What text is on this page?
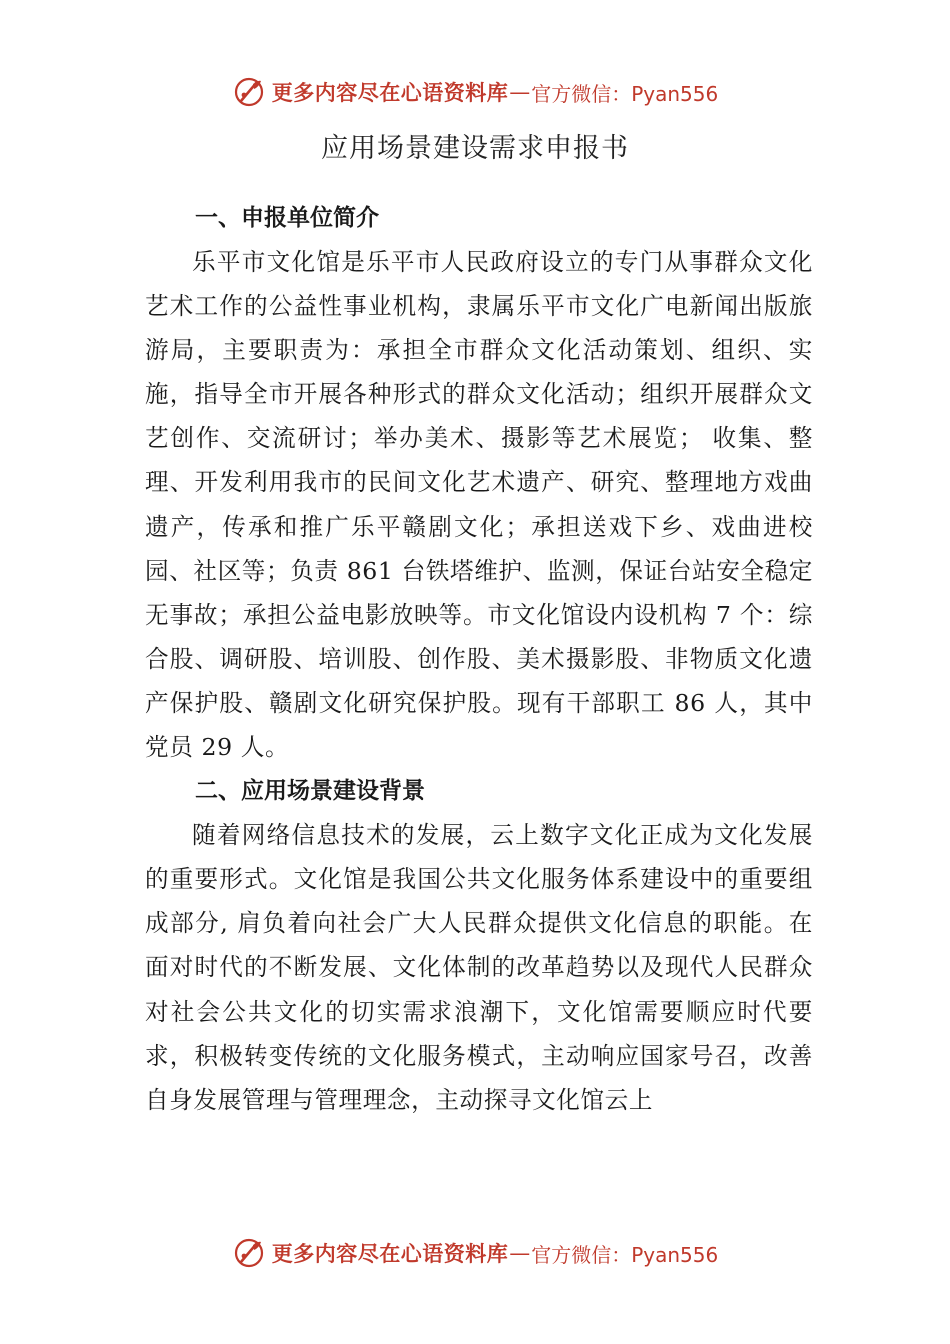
更多内容尽在心语资料库 — 官方微信：Pyan556
应用场景建设需求申报书
一、申报单位简介

乐平市文化馆是乐平市人民政府设立的专门从事群众文化艺术工作的公益性事业机构，隶属乐平市文化广电新闻出版旅游局，主要职责为：承担全市群众文化活动策划、组织、实施，指导全市开展各种形式的群众文化活动；组织开展群众文艺创作、交流研讨；举办美术、摄影等艺术展览； 收集、整理、开发利用我市的民间文化艺术遗产、研究、整理地方戏曲遗产，传承和推广乐平赣剧文化；承担送戏下乡、戏曲进校园、社区等；负责 861 台铁塔维护、监测，保证台站安全稳定无事故；承担公益电影放映等。市文化馆设内设机构 7 个：综合股、调研股、培训股、创作股、美术摄影股、非物质文化遗产保护股、赣剧文化研究保护股。现有干部职工 86 人，其中党员 29 人。

二、应用场景建设背景

随着网络信息技术的发展，云上数字文化正成为文化发展的重要形式。文化馆是我国公共文化服务体系建设中的重要组成部分, 肩负着向社会广大人民群众提供文化信息的职能。在面对时代的不断发展、文化体制的改革趋势以及现代人民群众对社会公共文化的切实需求浪潮下，文化馆需要顺应时代要求，积极转变传统的文化服务模式，主动响应国家号召，改善自身发展管理与管理理念，主动探寻文化馆云上

更多内容尽在心语资料库 — 官方微信：Pyan556
